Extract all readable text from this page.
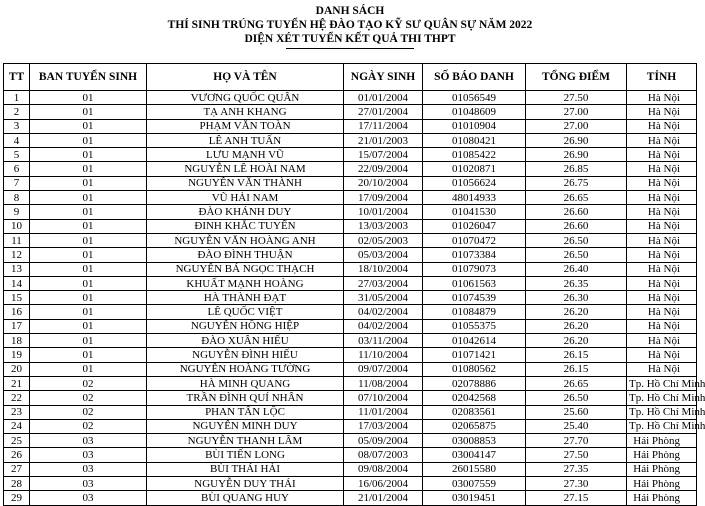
DANH SÁCH
THÍ SINH TRÚNG TUYỂN HỆ ĐÀO TẠO KỸ SƯ QUÂN SỰ NĂM 2022
DIỆN XÉT TUYỂN KẾT QUẢ THI THPT
TT	BAN TUYỂN SINH	HỌ VÀ TÊN	NGÀY SINH	SỐ BÁO DANH	TỔNG ĐIỂM	TỈNH
1	01	VƯƠNG QUỐC QUÂN	01/01/2004	01056549	27.50	Hà Nội
2	01	TẠ ANH KHANG	27/01/2004	01048609	27.00	Hà Nội
3	01	PHẠM VĂN TOÀN	17/11/2004	01010904	27.00	Hà Nội
4	01	LÊ ANH TUẤN	21/01/2003	01080421	26.90	Hà Nội
5	01	LƯU MẠNH VŨ	15/07/2004	01085422	26.90	Hà Nội
6	01	NGUYỄN LÊ HOÀI NAM	22/09/2004	01020871	26.85	Hà Nội
7	01	NGUYỄN VĂN THÀNH	20/10/2004	01056624	26.75	Hà Nội
8	01	VŨ HẢI NAM	17/09/2004	48014933	26.65	Hà Nội
9	01	ĐÀO KHÁNH DUY	10/01/2004	01041530	26.60	Hà Nội
10	01	ĐINH KHẮC TUYỂN	13/03/2003	01026047	26.60	Hà Nội
11	01	NGUYỄN VĂN HOÀNG ANH	02/05/2003	01070472	26.50	Hà Nội
12	01	ĐÀO ĐÌNH THUẬN	05/03/2004	01073384	26.50	Hà Nội
13	01	NGUYỄN BÁ NGỌC THẠCH	18/10/2004	01079073	26.40	Hà Nội
14	01	KHUẤT MẠNH HOÀNG	27/03/2004	01061563	26.35	Hà Nội
15	01	HÀ THÀNH ĐẠT	31/05/2004	01074539	26.30	Hà Nội
16	01	LÊ QUỐC VIỆT	04/02/2004	01084879	26.20	Hà Nội
17	01	NGUYỄN HỒNG HIỆP	04/02/2004	01055375	26.20	Hà Nội
18	01	ĐÀO XUÂN HIẾU	03/11/2004	01042614	26.20	Hà Nội
19	01	NGUYỄN ĐÌNH HIẾU	11/10/2004	01071421	26.15	Hà Nội
20	01	NGUYỄN HOÀNG TƯỜNG	09/07/2004	01080562	26.15	Hà Nội
21	02	HÀ MINH QUANG	11/08/2004	02078886	26.65	Tp. Hồ Chí Minh
22	02	TRẦN ĐÌNH QUÍ NHÂN	07/10/2004	02042568	26.50	Tp. Hồ Chí Minh
23	02	PHAN TẤN LỘC	11/01/2004	02083561	25.60	Tp. Hồ Chí Minh
24	02	NGUYỄN MINH DUY	17/03/2004	02065875	25.40	Tp. Hồ Chí Minh
25	03	NGUYỄN THANH LÂM	05/09/2004	03008853	27.70	Hải Phòng
26	03	BÙI TIẾN LONG	08/07/2003	03004147	27.50	Hải Phòng
27	03	BÙI THÁI HẢI	09/08/2004	26015580	27.35	Hải Phòng
28	03	NGUYỄN DUY THÁI	16/06/2004	03007559	27.30	Hải Phòng
29	03	BÙI QUANG HUY	21/01/2004	03019451	27.15	Hải Phòng
